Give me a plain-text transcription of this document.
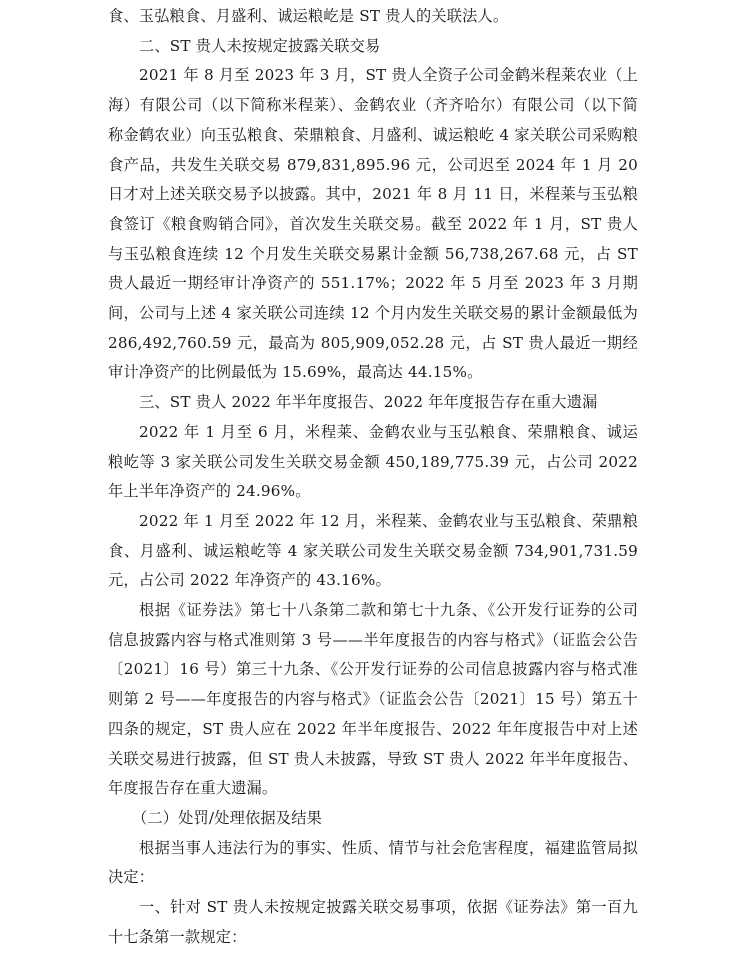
食、玉弘粮食、月盛利、诚运粮屹是 ST 贵人的关联法人。

二、ST 贵人未按规定披露关联交易

2021 年 8 月至 2023 年 3 月，ST 贵人全资子公司金鹤米程莱农业（上海）有限公司（以下简称米程莱）、金鹤农业（齐齐哈尔）有限公司（以下简称金鹤农业）向玉弘粮食、荣鼎粮食、月盛利、诚运粮屹 4 家关联公司采购粮食产品，共发生关联交易 879,831,895.96 元，公司迟至 2024 年 1 月 20 日才对上述关联交易予以披露。其中，2021 年 8 月 11 日，米程莱与玉弘粮食签订《粮食购销合同》，首次发生关联交易。截至 2022 年 1 月，ST 贵人与玉弘粮食连续 12 个月发生关联交易累计金额 56,738,267.68 元，占 ST 贵人最近一期经审计净资产的 551.17%；2022 年 5 月至 2023 年 3 月期间，公司与上述 4 家关联公司连续 12 个月内发生关联交易的累计金额最低为 286,492,760.59 元，最高为 805,909,052.28 元，占 ST 贵人最近一期经审计净资产的比例最低为 15.69%，最高达 44.15%。

三、ST 贵人 2022 年半年度报告、2022 年年度报告存在重大遗漏

2022 年 1 月至 6 月，米程莱、金鹤农业与玉弘粮食、荣鼎粮食、诚运粮屹等 3 家关联公司发生关联交易金额 450,189,775.39 元，占公司 2022 年上半年净资产的 24.96%。

2022 年 1 月至 2022 年 12 月，米程莱、金鹤农业与玉弘粮食、荣鼎粮食、月盛利、诚运粮屹等 4 家关联公司发生关联交易金额 734,901,731.59 元，占公司 2022 年净资产的 43.16%。

根据《证券法》第七十八条第二款和第七十九条、《公开发行证券的公司信息披露内容与格式准则第 3 号——半年度报告的内容与格式》（证监会公告〔2021〕16 号）第三十九条、《公开发行证券的公司信息披露内容与格式准则第 2 号——年度报告的内容与格式》（证监会公告〔2021〕15 号）第五十四条的规定，ST 贵人应在 2022 年半年度报告、2022 年年度报告中对上述关联交易进行披露，但 ST 贵人未披露，导致 ST 贵人 2022 年半年度报告、年度报告存在重大遗漏。

（二）处罚/处理依据及结果

根据当事人违法行为的事实、性质、情节与社会危害程度，福建监管局拟决定：

一、针对 ST 贵人未按规定披露关联交易事项，依据《证券法》第一百九十七条第一款规定：
